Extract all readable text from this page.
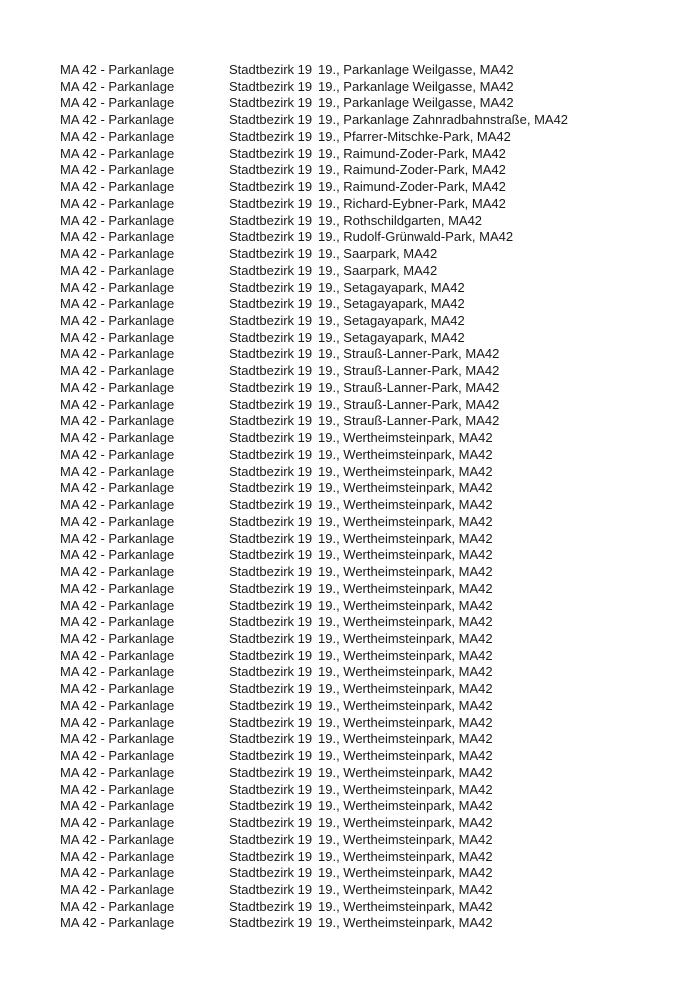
MA 42 - Parkanlage	Stadtbezirk 19	19., Parkanlage Weilgasse, MA42
MA 42 - Parkanlage	Stadtbezirk 19	19., Parkanlage Weilgasse, MA42
MA 42 - Parkanlage	Stadtbezirk 19	19., Parkanlage Weilgasse, MA42
MA 42 - Parkanlage	Stadtbezirk 19	19., Parkanlage Zahnradbahnstraße, MA42
MA 42 - Parkanlage	Stadtbezirk 19	19., Pfarrer-Mitschke-Park, MA42
MA 42 - Parkanlage	Stadtbezirk 19	19., Raimund-Zoder-Park, MA42
MA 42 - Parkanlage	Stadtbezirk 19	19., Raimund-Zoder-Park, MA42
MA 42 - Parkanlage	Stadtbezirk 19	19., Raimund-Zoder-Park, MA42
MA 42 - Parkanlage	Stadtbezirk 19	19., Richard-Eybner-Park, MA42
MA 42 - Parkanlage	Stadtbezirk 19	19., Rothschildgarten, MA42
MA 42 - Parkanlage	Stadtbezirk 19	19., Rudolf-Grünwald-Park, MA42
MA 42 - Parkanlage	Stadtbezirk 19	19., Saarpark, MA42
MA 42 - Parkanlage	Stadtbezirk 19	19., Saarpark, MA42
MA 42 - Parkanlage	Stadtbezirk 19	19., Setagayapark, MA42
MA 42 - Parkanlage	Stadtbezirk 19	19., Setagayapark, MA42
MA 42 - Parkanlage	Stadtbezirk 19	19., Setagayapark, MA42
MA 42 - Parkanlage	Stadtbezirk 19	19., Setagayapark, MA42
MA 42 - Parkanlage	Stadtbezirk 19	19., Strauß-Lanner-Park, MA42
MA 42 - Parkanlage	Stadtbezirk 19	19., Strauß-Lanner-Park, MA42
MA 42 - Parkanlage	Stadtbezirk 19	19., Strauß-Lanner-Park, MA42
MA 42 - Parkanlage	Stadtbezirk 19	19., Strauß-Lanner-Park, MA42
MA 42 - Parkanlage	Stadtbezirk 19	19., Strauß-Lanner-Park, MA42
MA 42 - Parkanlage	Stadtbezirk 19	19., Wertheimsteinpark, MA42
MA 42 - Parkanlage	Stadtbezirk 19	19., Wertheimsteinpark, MA42
MA 42 - Parkanlage	Stadtbezirk 19	19., Wertheimsteinpark, MA42
MA 42 - Parkanlage	Stadtbezirk 19	19., Wertheimsteinpark, MA42
MA 42 - Parkanlage	Stadtbezirk 19	19., Wertheimsteinpark, MA42
MA 42 - Parkanlage	Stadtbezirk 19	19., Wertheimsteinpark, MA42
MA 42 - Parkanlage	Stadtbezirk 19	19., Wertheimsteinpark, MA42
MA 42 - Parkanlage	Stadtbezirk 19	19., Wertheimsteinpark, MA42
MA 42 - Parkanlage	Stadtbezirk 19	19., Wertheimsteinpark, MA42
MA 42 - Parkanlage	Stadtbezirk 19	19., Wertheimsteinpark, MA42
MA 42 - Parkanlage	Stadtbezirk 19	19., Wertheimsteinpark, MA42
MA 42 - Parkanlage	Stadtbezirk 19	19., Wertheimsteinpark, MA42
MA 42 - Parkanlage	Stadtbezirk 19	19., Wertheimsteinpark, MA42
MA 42 - Parkanlage	Stadtbezirk 19	19., Wertheimsteinpark, MA42
MA 42 - Parkanlage	Stadtbezirk 19	19., Wertheimsteinpark, MA42
MA 42 - Parkanlage	Stadtbezirk 19	19., Wertheimsteinpark, MA42
MA 42 - Parkanlage	Stadtbezirk 19	19., Wertheimsteinpark, MA42
MA 42 - Parkanlage	Stadtbezirk 19	19., Wertheimsteinpark, MA42
MA 42 - Parkanlage	Stadtbezirk 19	19., Wertheimsteinpark, MA42
MA 42 - Parkanlage	Stadtbezirk 19	19., Wertheimsteinpark, MA42
MA 42 - Parkanlage	Stadtbezirk 19	19., Wertheimsteinpark, MA42
MA 42 - Parkanlage	Stadtbezirk 19	19., Wertheimsteinpark, MA42
MA 42 - Parkanlage	Stadtbezirk 19	19., Wertheimsteinpark, MA42
MA 42 - Parkanlage	Stadtbezirk 19	19., Wertheimsteinpark, MA42
MA 42 - Parkanlage	Stadtbezirk 19	19., Wertheimsteinpark, MA42
MA 42 - Parkanlage	Stadtbezirk 19	19., Wertheimsteinpark, MA42
MA 42 - Parkanlage	Stadtbezirk 19	19., Wertheimsteinpark, MA42
MA 42 - Parkanlage	Stadtbezirk 19	19., Wertheimsteinpark, MA42
MA 42 - Parkanlage	Stadtbezirk 19	19., Wertheimsteinpark, MA42
MA 42 - Parkanlage	Stadtbezirk 19	19., Wertheimsteinpark, MA42
